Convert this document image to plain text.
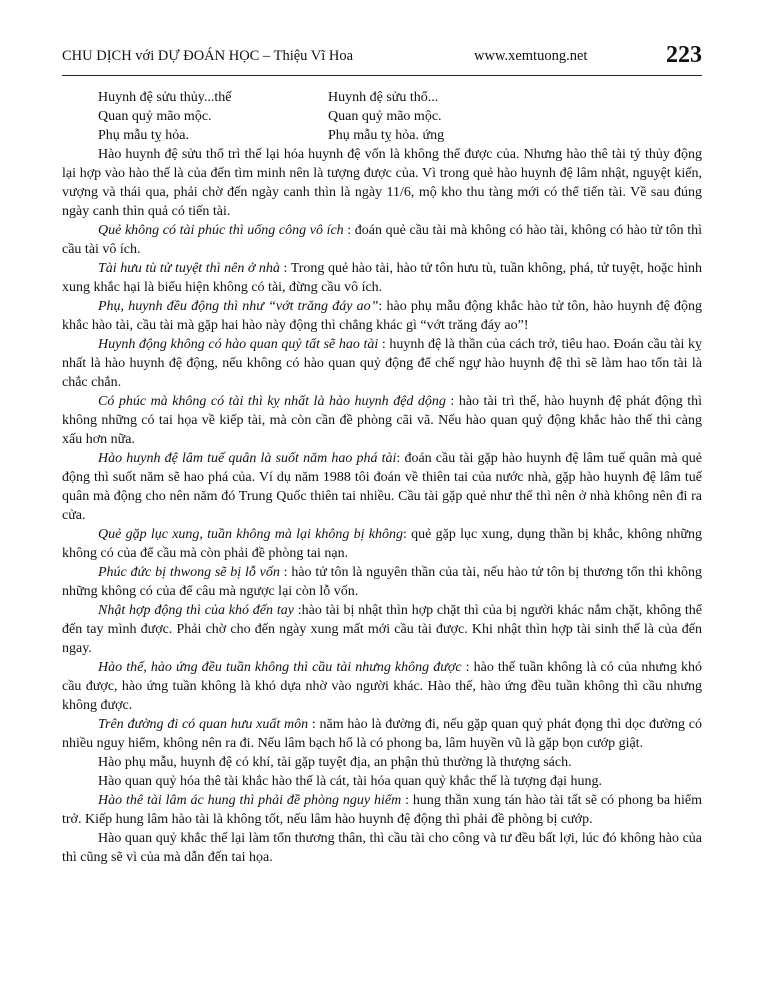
CHU DỊCH với DỰ ĐOÁN HỌC – Thiệu Vĩ Hoa	www.xemtuong.net	223
Huynh đệ sửu thủy...thế	Huynh đệ sửu thổ...
Quan quỷ mão mộc.	Quan quỷ mão mộc.
Phụ mẫu tỵ hỏa.	Phụ mẫu tỵ hỏa. ứng

Hào huynh đệ sửu thổ trì thế lại hóa huynh đệ vốn là không thể được của. Nhưng hào thê tài tý thủy động lại hợp vào hào thế là của đến tìm minh nên là tượng được của. Vì trong quẻ hào huynh đệ lâm nhật, nguyệt kiến, vượng và thái qua, phải chờ đến ngày canh thìn là ngày 11/6, mộ kho thu tàng mới có thể tiến tài. Về sau đúng ngày canh thìn quả có tiến tài.

Quẻ không có tài phúc thì uổng công vô ích : đoán quẻ cầu tài mà không có hào tài, không có hào tử tôn thì cầu tài vô ích.

Tài hưu tù tử tuyệt thì nên ở nhà : Trong quẻ hào tài, hào tử tôn hưu tù, tuần không, phá, tử tuyệt, hoặc hình xung khắc hại là biểu hiện không có tài, đừng cầu vô ích.

Phụ, huynh đều động thì như “vớt trăng đáy ao”: hào phụ mẫu động khắc hào tử tôn, hào huynh đệ động khắc hào tài, cầu tài mà gặp hai hào này động thì chẳng khác gì “vớt trăng đáy ao”!

Huynh động không có hào quan quỷ tất sẽ hao tài : huynh đệ là thần của cách trở, tiêu hao. Đoán cầu tài kỵ nhất là hào huynh đệ động, nếu không có hào quan quỷ động để chế ngự hào huynh đệ thì sẽ làm hao tổn tài là chắc chắn.

Có phúc mà không có tài thì kỵ nhất là hào huynh đệd dộng : hào tài trì thế, hào huynh đệ phát động thì không những có tai họa về kiếp tài, mà còn cần đề phòng cãi vã. Nếu hào quan quỷ động khắc hào thế thì càng xấu hơn nữa.

Hào huynh đệ lâm tuế quân là suốt năm hao phá tài: đoán cầu tài gặp hào huynh đệ lâm tuế quân mà quẻ động thì suốt năm sẽ hao phá của. Ví dụ năm 1988 tôi đoán về thiên tai của nước nhà, gặp hào huynh đệ lâm tuế quân mà động cho nên năm đó Trung Quốc thiên tai nhiều. Cầu tài gặp quẻ như thế thì nên ở nhà không nên đi ra cửa.

Quẻ gặp lục xung, tuần không mà lại không bị không: quẻ gặp lục xung, dụng thần bị khắc, không những không có của để cầu mà còn phải đề phòng tai nạn.

Phúc đức bị thwong sẽ bị lỗ vốn : hào tử tôn là nguyên thần của tài, nếu hào tử tôn bị thương tổn thì không những không có của để câu mà ngược lại còn lỗ vốn.

Nhật hợp động thì của khó đến tay :hào tài bị nhật thìn hợp chặt thì của bị người khác nắm chặt, không thể đến tay mình được. Phải chờ cho đến ngày xung mất mới cầu tài được. Khi nhật thìn hợp tài sinh thế là của đến ngay.

Hào thế, hào ứng đều tuần không thì cầu tài nhưng không được : hào thế tuần không là có của nhưng khó cầu được, hào ứng tuần không là khó dựa nhờ vào người khác. Hào thế, hào ứng đều tuần không thì cầu nhưng không được.

Trên đường đi có quan hưu xuất môn : năm hào là đường đi, nếu gặp quan quỷ phát đọng thì dọc đường có nhiều nguy hiểm, không nên ra đi. Nếu lâm bạch hổ là có phong ba, lâm huyền vũ là gặp bọn cướp giật.

Hào phụ mẫu, huynh đệ có khí, tài gặp tuyệt địa, an phận thủ thường là thượng sách.

Hào quan quỷ hóa thê tài khắc hào thế là cát, tài hóa quan quỷ khắc thế là tượng đại hung.

Hào thê tài lâm ác hung thì phải đề phòng nguy hiểm : hung thần xung tán hào tài tất sẽ có phong ba hiểm trở. Kiếp hung lâm hào tài là không tốt, nếu lâm hào huynh đệ động thì phải đề phòng bị cướp.

Hào quan quỷ khắc thế lại làm tổn thương thân, thì cầu tài cho công và tư đều bất lợi, lúc đó không hào của thì cũng sẽ vì của mà dẫn đến tai họa.
